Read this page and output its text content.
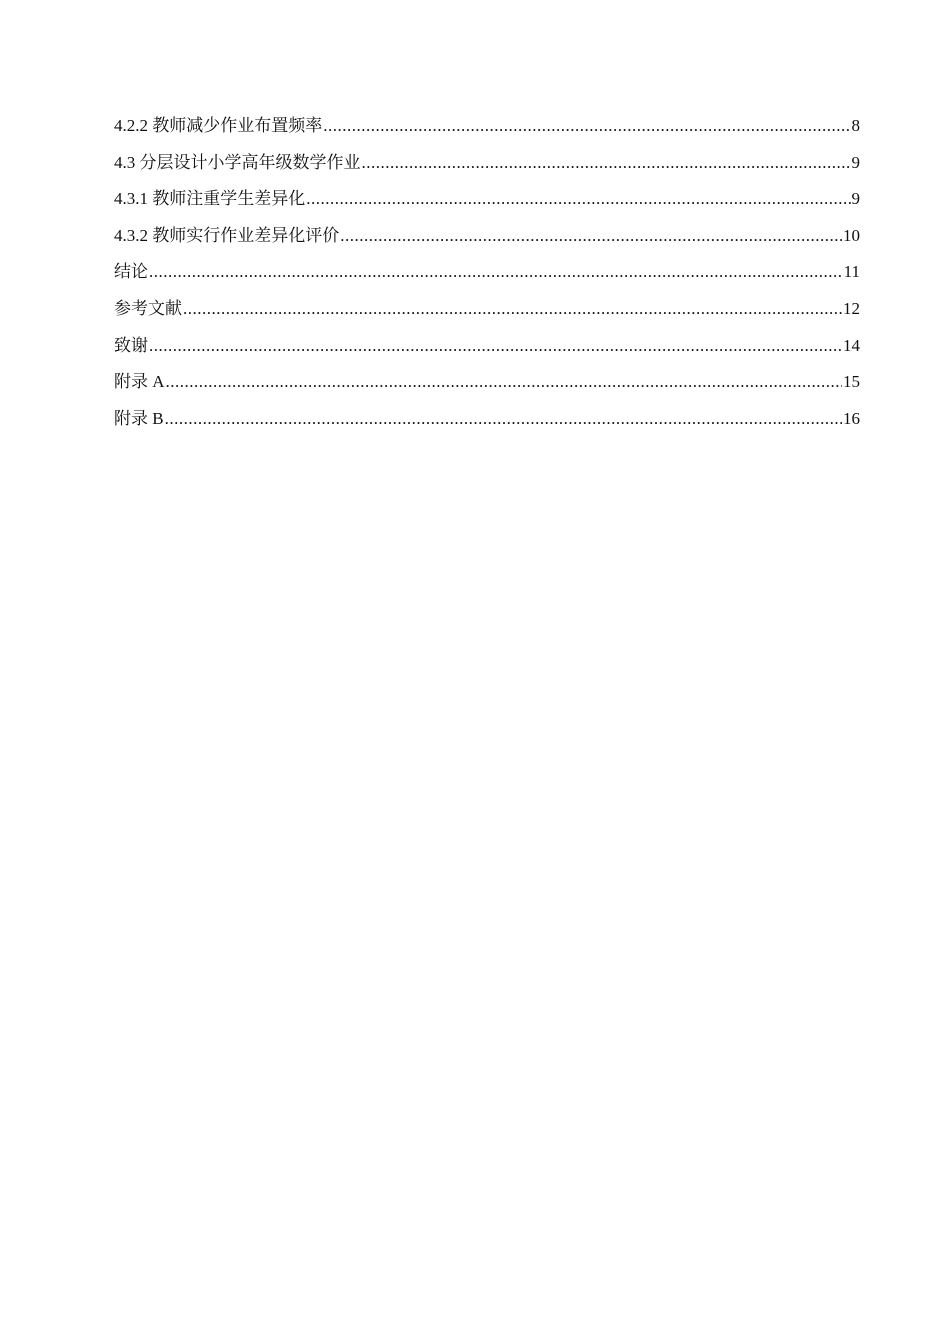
4.2.2 教师减少作业布置频率 .....	8
4.3 分层设计小学高年级数学作业 .....	9
4.3.1 教师注重学生差异化 .....	9
4.3.2 教师实行作业差异化评价 .....	10
结论 .....	11
参考文献 .....	12
致谢 .....	14
附录 A .....	15
附录 B .....	16
